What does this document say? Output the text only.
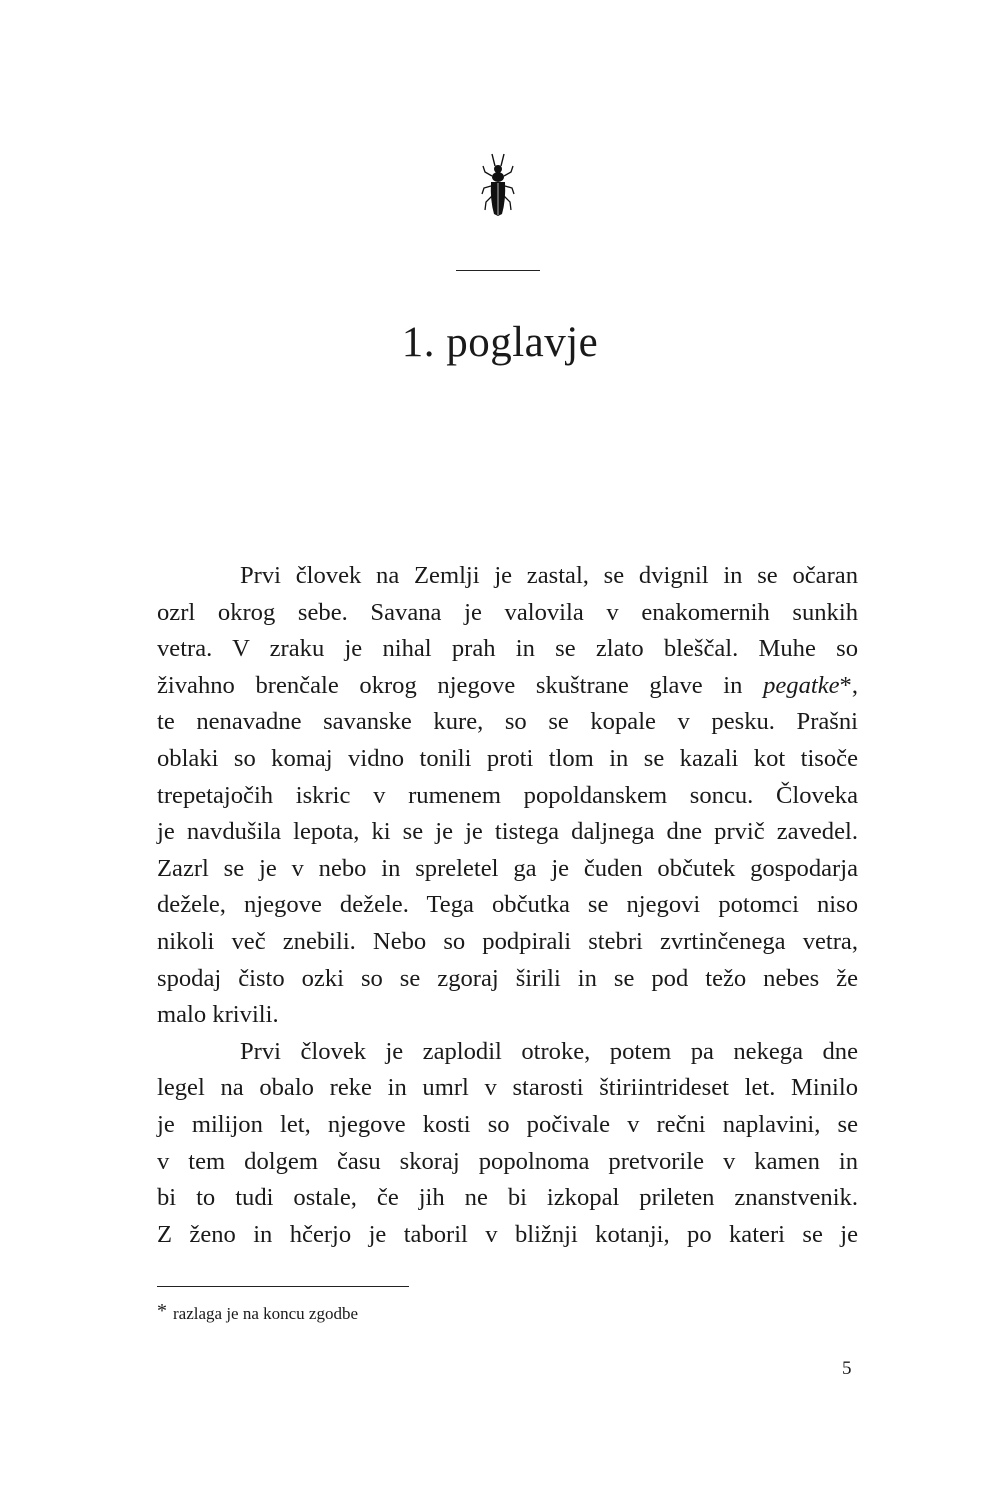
1. poglavje
Prvi človek na Zemlji je zastal, se dvignil in se očaran
ozrl okrog sebe. Savana je valovila v enakomernih sunkih
vetra. V zraku je nihal prah in se zlato bleščal. Muhe so
živahno brenčale okrog njegove skuštrane glave in pegatke*,
te nenavadne savanske kure, so se kopale v pesku. Prašni
oblaki so komaj vidno tonili proti tlom in se kazali kot tisoče
trepetajočih iskric v rumenem popoldanskem soncu. Človeka
je navdušila lepota, ki se je je tistega daljnega dne prvič zavedel.
Zazrl se je v nebo in spreletel ga je čuden občutek gospodarja
dežele, njegove dežele. Tega občutka se njegovi potomci niso
nikoli več znebili. Nebo so podpirali stebri zvrtinčenega vetra,
spodaj čisto ozki so se zgoraj širili in se pod težo nebes že
malo krivili.
Prvi človek je zaplodil otroke, potem pa nekega dne
legel na obalo reke in umrl v starosti štiriintrideset let. Minilo
je milijon let, njegove kosti so počivale v rečni naplavini, se
v tem dolgem času skoraj popolnoma pretvorile v kamen in
bi to tudi ostale, če jih ne bi izkopal prileten znanstvenik.
Z ženo in hčerjo je taboril v bližnji kotanji, po kateri se je
* razlaga je na koncu zgodbe
5
